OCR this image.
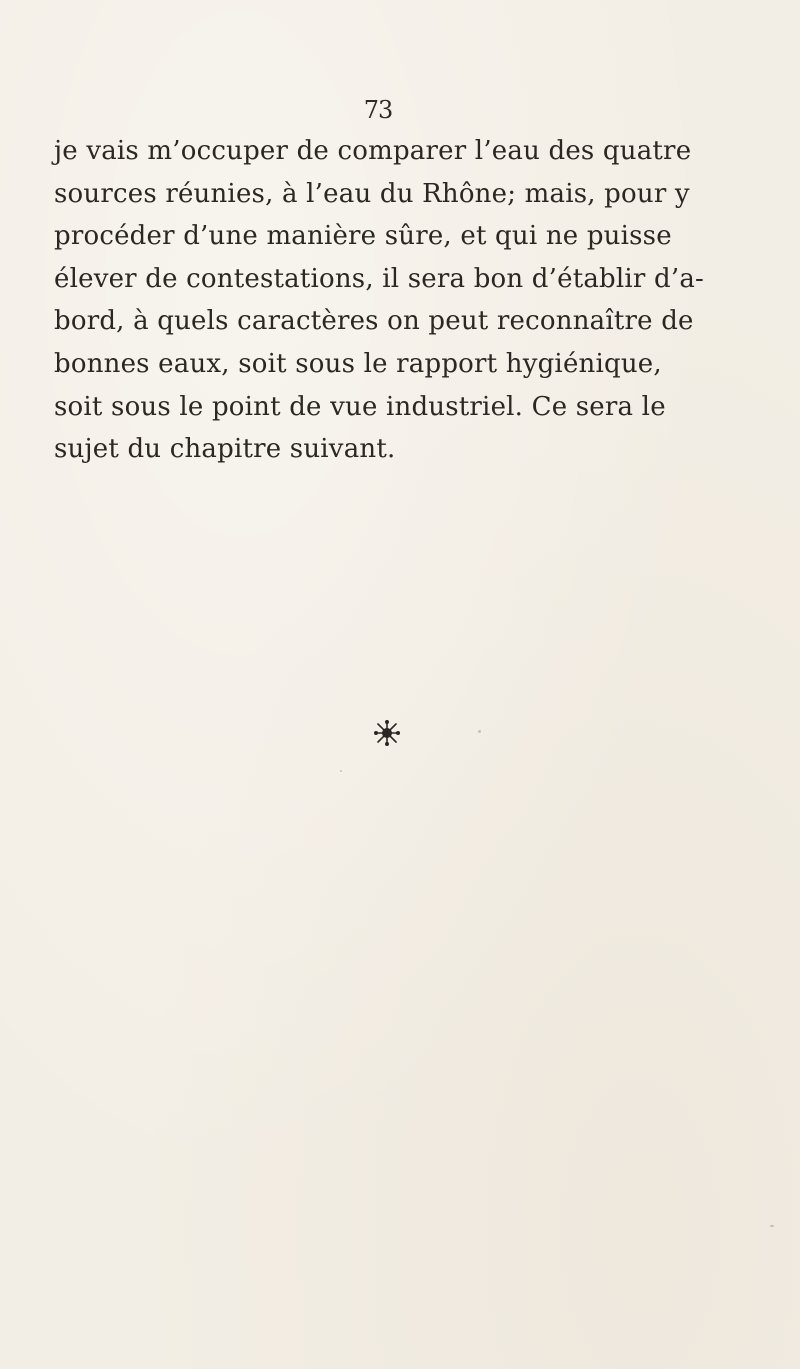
73
je vais m’occuper de comparer l’eau des quatre
sources réunies, à l’eau du Rhône; mais, pour y
procéder d’une manière sûre, et qui ne puisse
élever de contestations, il sera bon d’établir d’a-
bord, à quels caractères on peut reconnaître de
bonnes eaux, soit sous le rapport hygiénique,
soit sous le point de vue industriel. Ce sera le
sujet du chapitre suivant.
